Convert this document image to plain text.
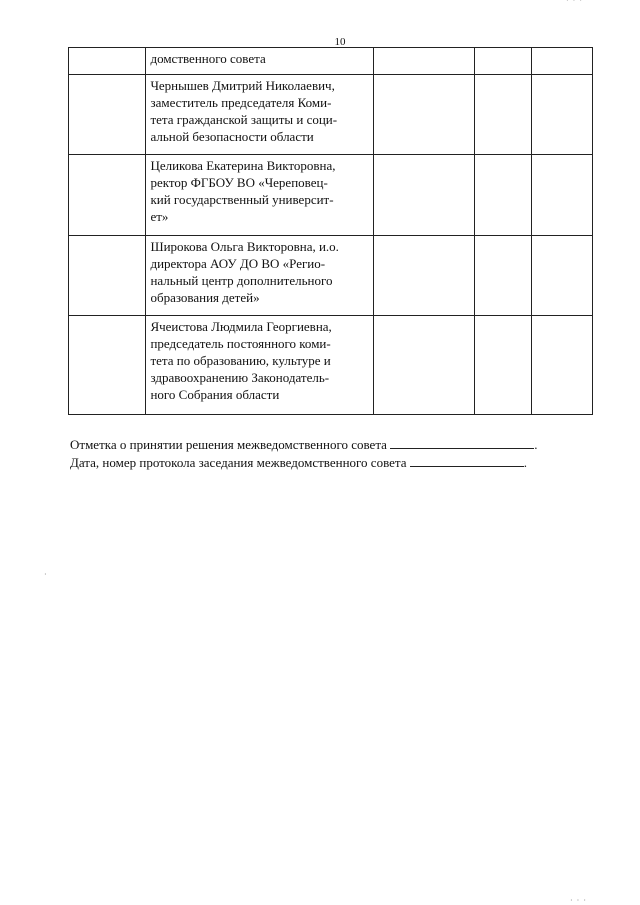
· · ·
10
	домственного совета			
	Чернышев Дмитрий Николаевич,
заместитель председателя Коми-
тета гражданской защиты и соци-
альной безопасности области			
	Целикова Екатерина Викторовна,
ректор ФГБОУ ВО «Череповец-
кий государственный университ-
ет»			
	Широкова Ольга Викторовна, и.о.
директора АОУ ДО ВО «Регио-
нальный центр дополнительного
образования детей»			
	Ячеистова Людмила Георгиевна,
председатель постоянного коми-
тета по образованию, культуре и
здравоохранению Законодатель-
ного Собрания области			
Отметка о принятии решения межведомственного совета	.
Дата, номер протокола заседания межведомственного совета	.
·
· · ·
